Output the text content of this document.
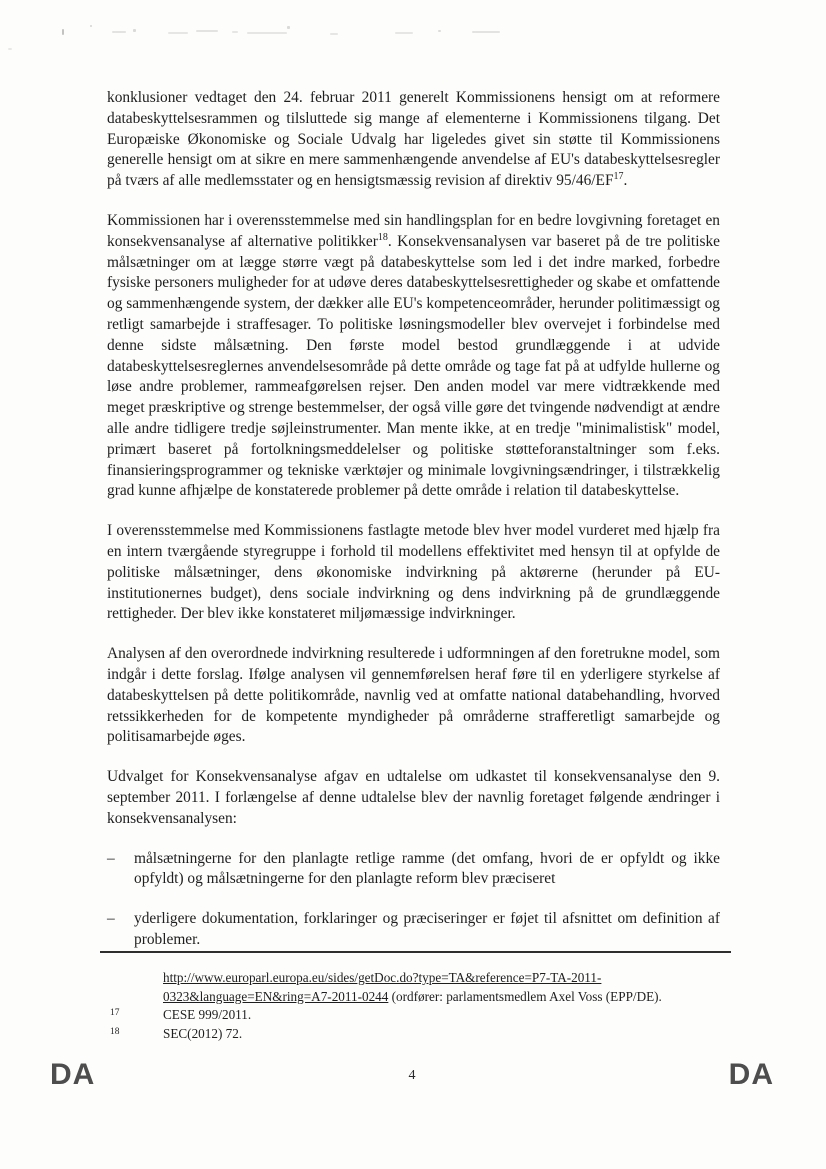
konklusioner vedtaget den 24. februar 2011 generelt Kommissionens hensigt om at reformere databeskyttelsesrammen og tilsluttede sig mange af elementerne i Kommissionens tilgang. Det Europæiske Økonomiske og Sociale Udvalg har ligeledes givet sin støtte til Kommissionens generelle hensigt om at sikre en mere sammenhængende anvendelse af EU's databeskyttelsesregler på tværs af alle medlemsstater og en hensigtsmæssig revision af direktiv 95/46/EF$^{17}$.

Kommissionen har i overensstemmelse med sin handlingsplan for en bedre lovgivning foretaget en konsekvensanalyse af alternative politikker$^{18}$. Konsekvensanalysen var baseret på de tre politiske målsætninger om at lægge større vægt på databeskyttelse som led i det indre marked, forbedre fysiske personers muligheder for at udøve deres databeskyttelsesrettigheder og skabe et omfattende og sammenhængende system, der dækker alle EU's kompetenceområder, herunder politimæssigt og retligt samarbejde i straffesager. To politiske løsningsmodeller blev overvejet i forbindelse med denne sidste målsætning. Den første model bestod grundlæggende i at udvide databeskyttelsesreglernes anvendelsesområde på dette område og tage fat på at udfylde hullerne og løse andre problemer, rammeafgørelsen rejser. Den anden model var mere vidtrækkende med meget præskriptive og strenge bestemmelser, der også ville gøre det tvingende nødvendigt at ændre alle andre tidligere tredje søjleinstrumenter. Man mente ikke, at en tredje "minimalistisk" model, primært baseret på fortolkningsmeddelelser og politiske støtteforanstaltninger som f.eks. finansieringsprogrammer og tekniske værktøjer og minimale lovgivningsændringer, i tilstrækkelig grad kunne afhjælpe de konstaterede problemer på dette område i relation til databeskyttelse.

I overensstemmelse med Kommissionens fastlagte metode blev hver model vurderet med hjælp fra en intern tværgående styregruppe i forhold til modellens effektivitet med hensyn til at opfylde de politiske målsætninger, dens økonomiske indvirkning på aktørerne (herunder på EU-institutionernes budget), dens sociale indvirkning og dens indvirkning på de grundlæggende rettigheder. Der blev ikke konstateret miljømæssige indvirkninger.

Analysen af den overordnede indvirkning resulterede i udformningen af den foretrukne model, som indgår i dette forslag. Ifølge analysen vil gennemførelsen heraf føre til en yderligere styrkelse af databeskyttelsen på dette politikområde, navnlig ved at omfatte national databehandling, hvorved retssikkerheden for de kompetente myndigheder på områderne strafferetligt samarbejde og politisamarbejde øges.

Udvalget for Konsekvensanalyse afgav en udtalelse om udkastet til konsekvensanalyse den 9. september 2011. I forlængelse af denne udtalelse blev der navnlig foretaget følgende ændringer i konsekvensanalysen:

– målsætningerne for den planlagte retlige ramme (det omfang, hvori de er opfyldt og ikke opfyldt) og målsætningerne for den planlagte reform blev præciseret
– yderligere dokumentation, forklaringer og præciseringer er føjet til afsnittet om definition af problemer.
http://www.europarl.europa.eu/sides/getDoc.do?type=TA&reference=P7-TA-2011-0323&language=EN&ring=A7-2011-0244 (ordfører: parlamentsmedlem Axel Voss (EPP/DE).
17	CESE 999/2011.
18	SEC(2012) 72.
DA	4	DA
